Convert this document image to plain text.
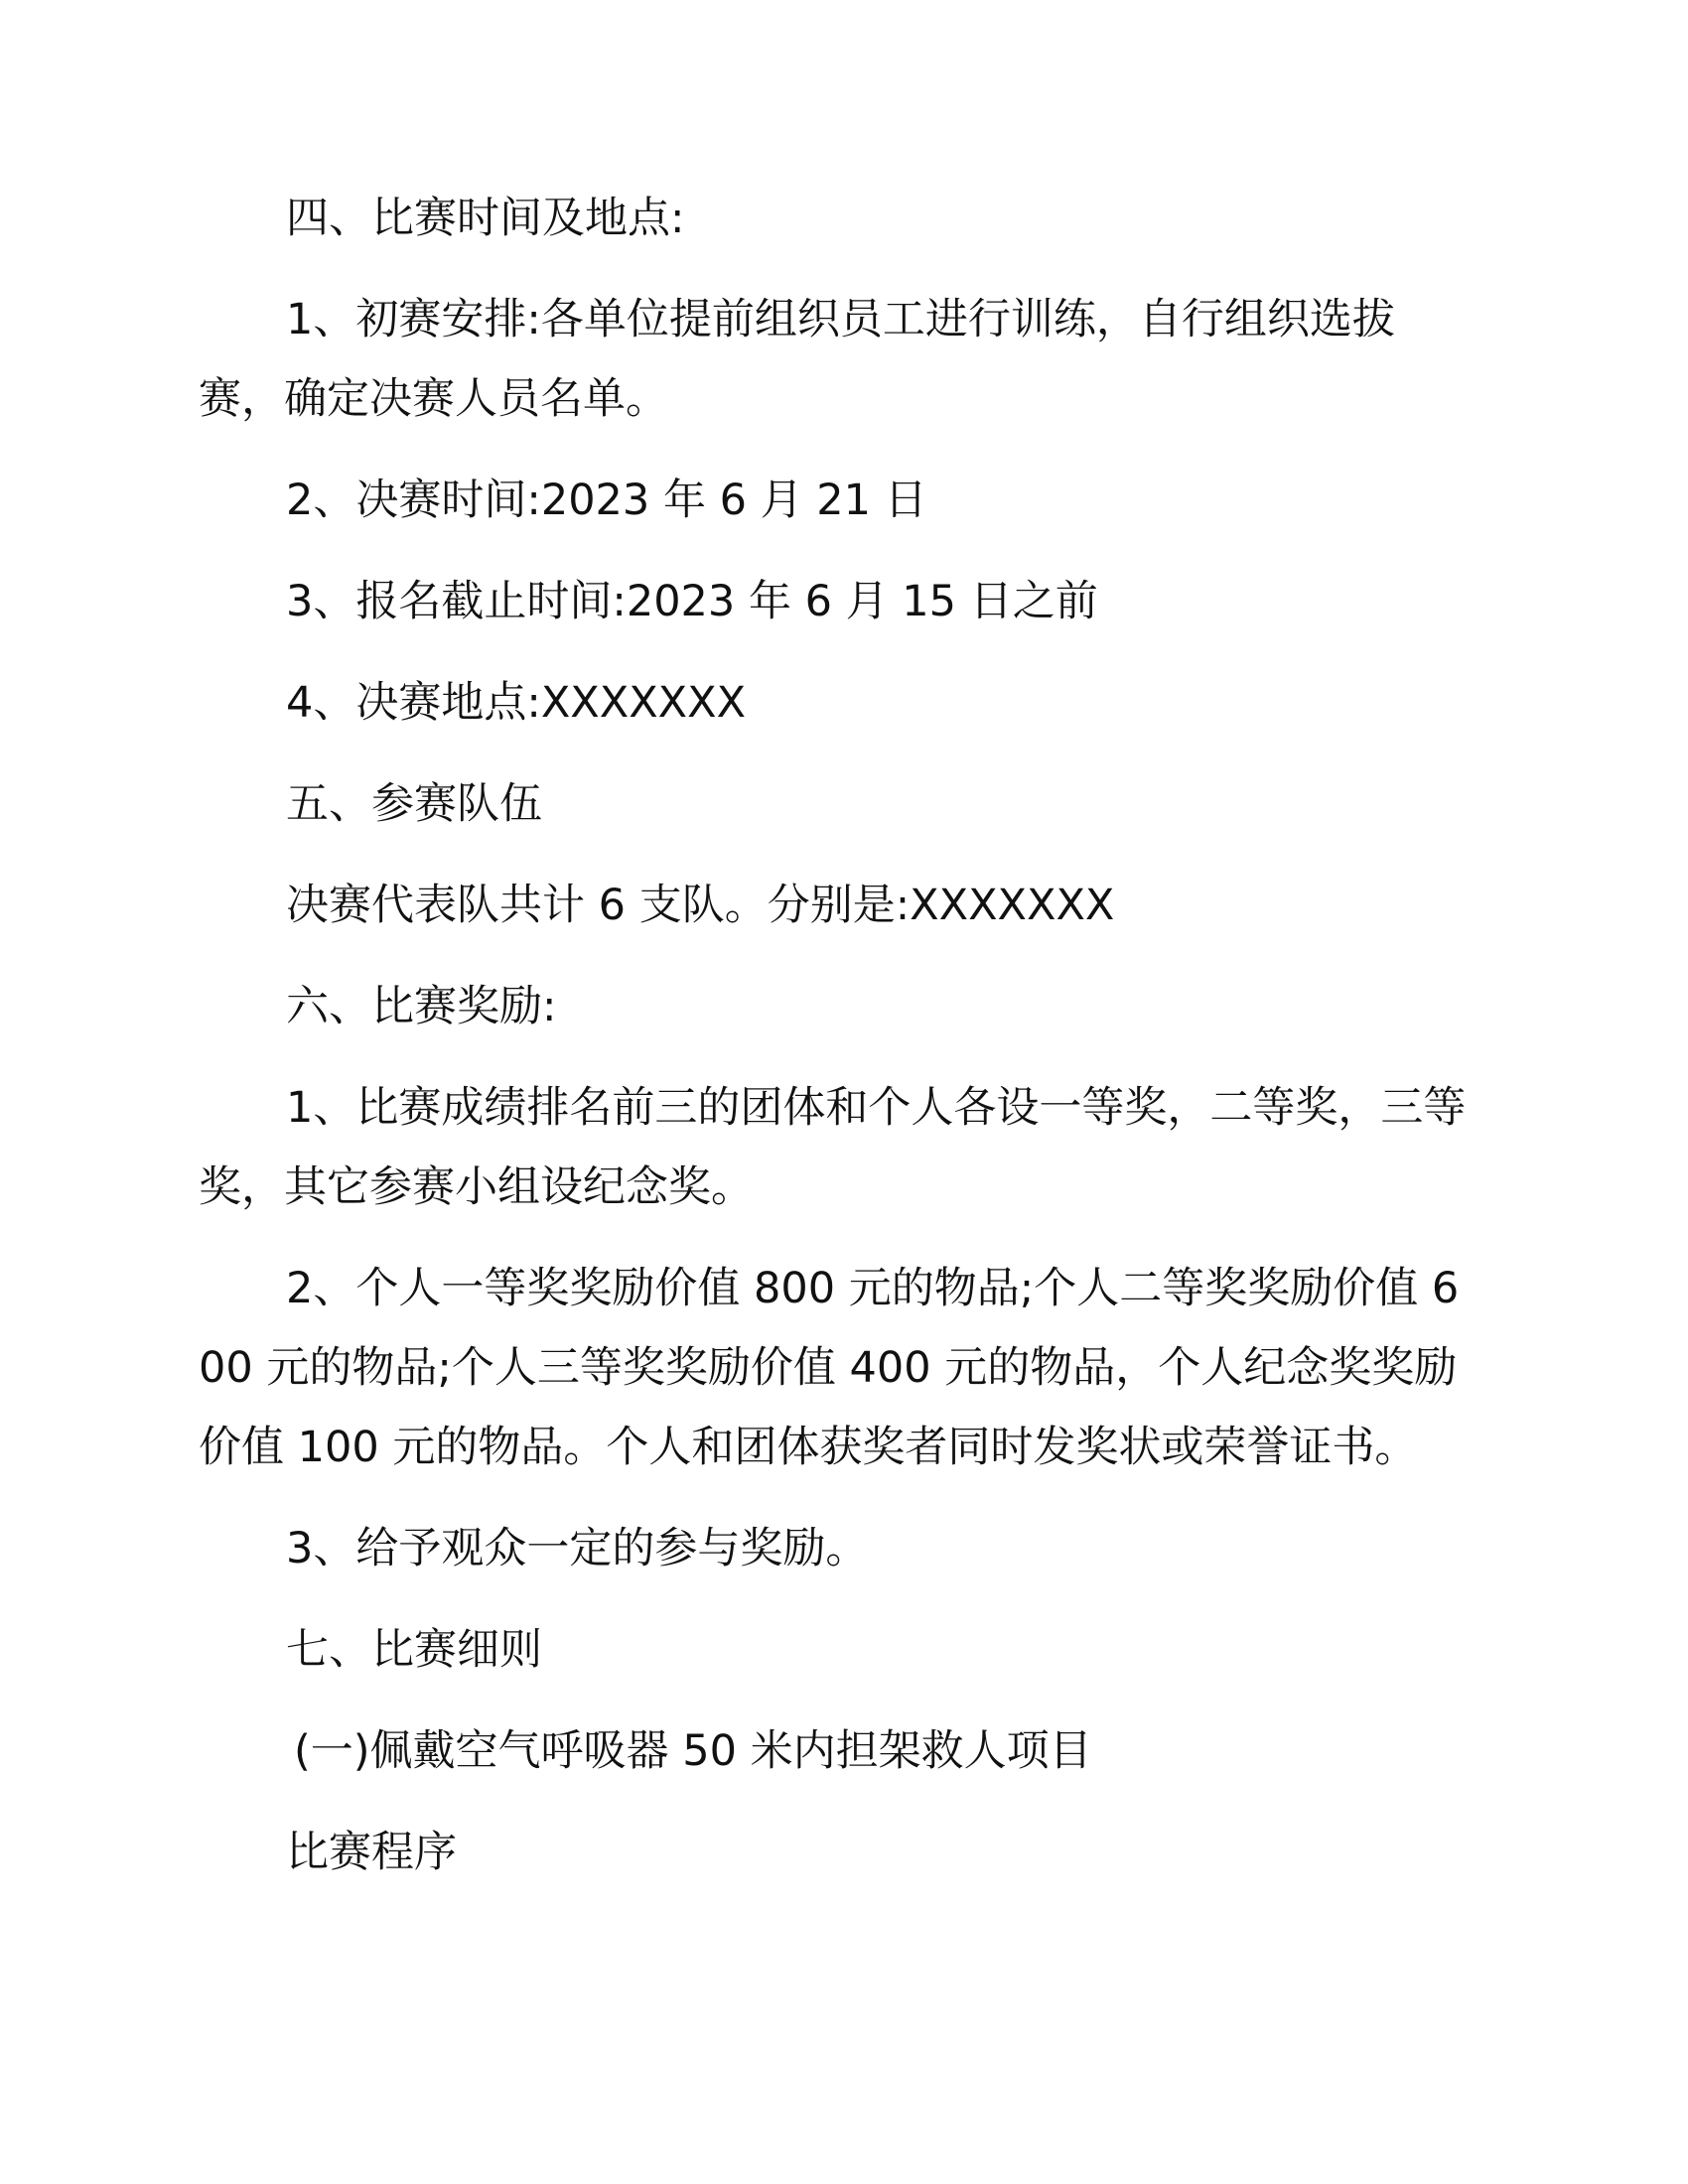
四、比赛时间及地点:

1、初赛安排:各单位提前组织员工进行训练，自行组织选拔赛，确定决赛人员名单。

2、决赛时间:2023 年 6 月 21 日

3、报名截止时间:2023 年 6 月 15 日之前

4、决赛地点:XXXXXXX

五、参赛队伍

决赛代表队共计 6 支队。分别是:XXXXXXX

六、比赛奖励:

1、比赛成绩排名前三的团体和个人各设一等奖，二等奖，三等奖，其它参赛小组设纪念奖。

2、个人一等奖奖励价值 800 元的物品;个人二等奖奖励价值 600 元的物品;个人三等奖奖励价值 400 元的物品，个人纪念奖奖励价值 100 元的物品。个人和团体获奖者同时发奖状或荣誉证书。

3、给予观众一定的参与奖励。

七、比赛细则

(一)佩戴空气呼吸器 50 米内担架救人项目

比赛程序
